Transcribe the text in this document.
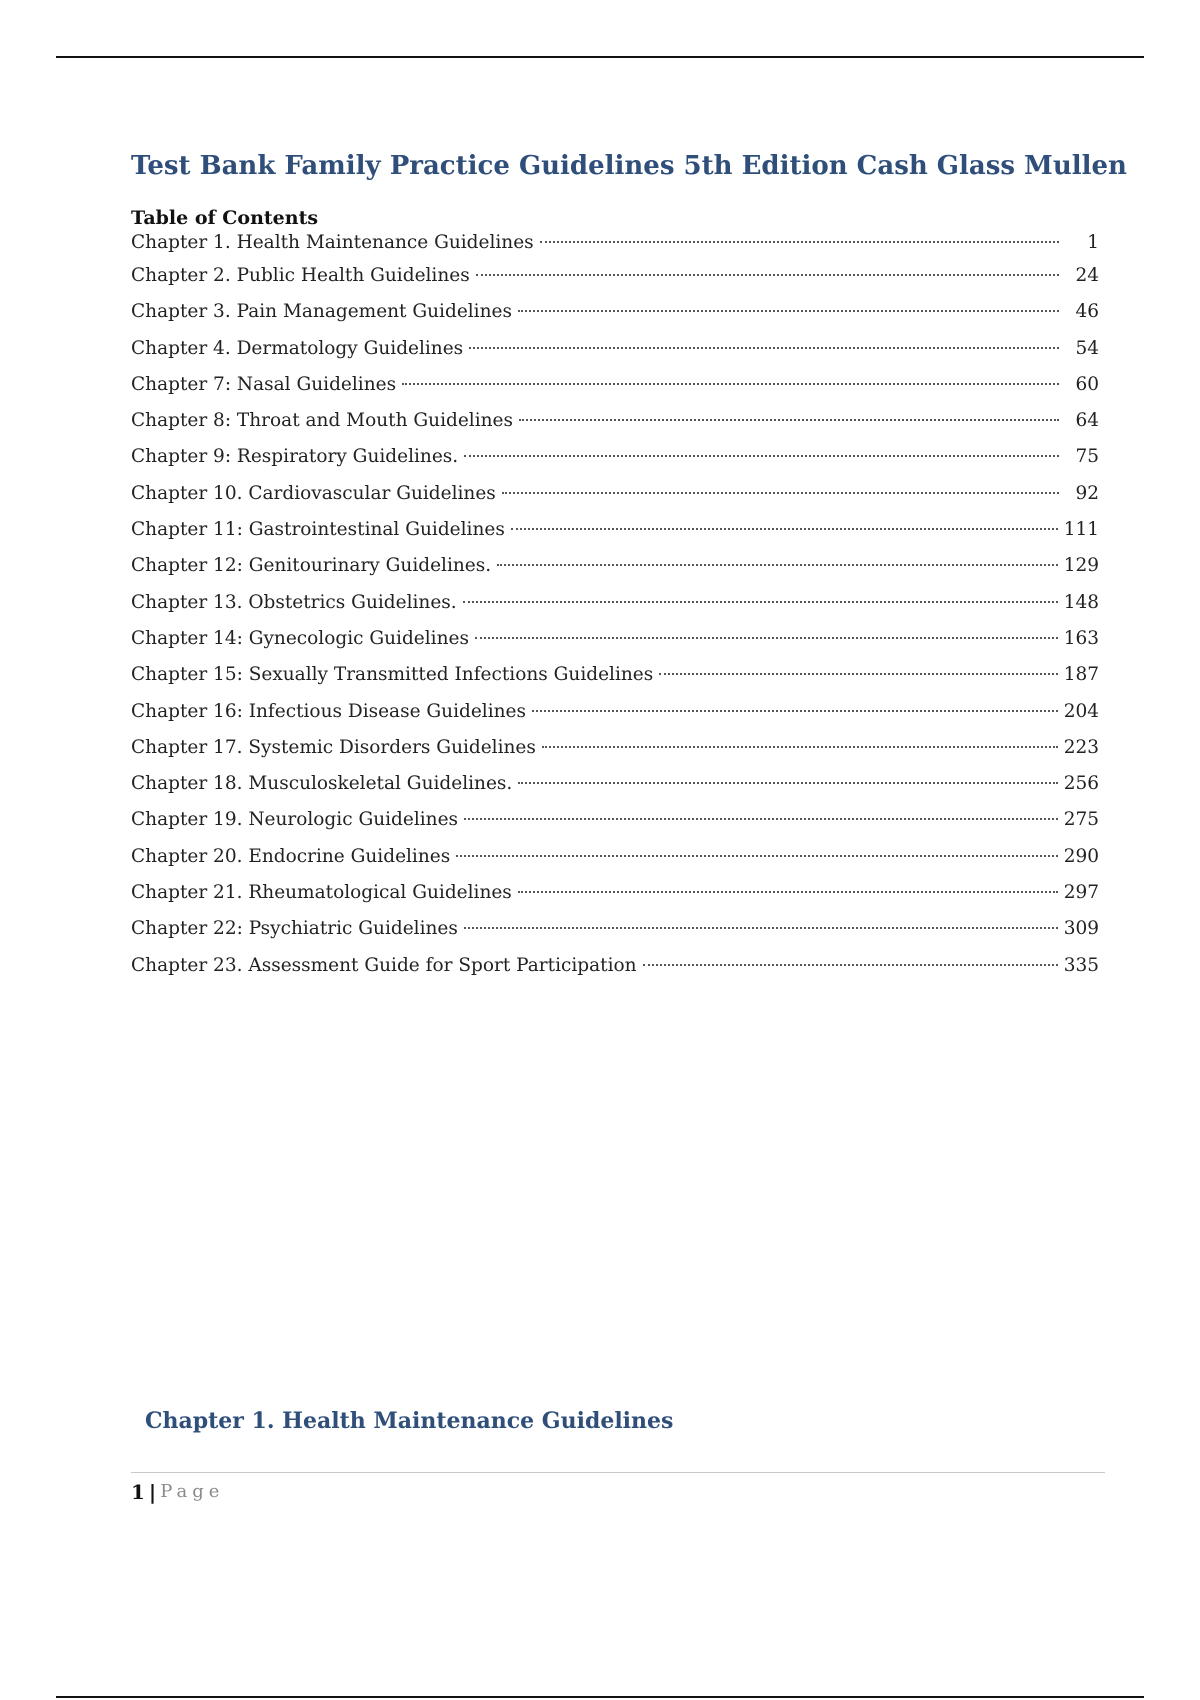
Test Bank Family Practice Guidelines 5th Edition Cash Glass Mullen
Table of Contents
Chapter 1. Health Maintenance Guidelines	1
Chapter 2. Public Health Guidelines	24
Chapter 3. Pain Management Guidelines	46
Chapter 4. Dermatology Guidelines	54
Chapter 7: Nasal Guidelines	60
Chapter 8: Throat and Mouth Guidelines	64
Chapter 9: Respiratory Guidelines.	75
Chapter 10. Cardiovascular Guidelines	92
Chapter 11: Gastrointestinal Guidelines	111
Chapter 12: Genitourinary Guidelines.	129
Chapter 13. Obstetrics Guidelines.	148
Chapter 14: Gynecologic Guidelines	163
Chapter 15: Sexually Transmitted Infections Guidelines	187
Chapter 16: Infectious Disease Guidelines	204
Chapter 17. Systemic Disorders Guidelines	223
Chapter 18. Musculoskeletal Guidelines.	256
Chapter 19. Neurologic Guidelines	275
Chapter 20. Endocrine Guidelines	290
Chapter 21. Rheumatological Guidelines	297
Chapter 22: Psychiatric Guidelines	309
Chapter 23. Assessment Guide for Sport Participation	335
Chapter 1. Health Maintenance Guidelines
1 | Page
